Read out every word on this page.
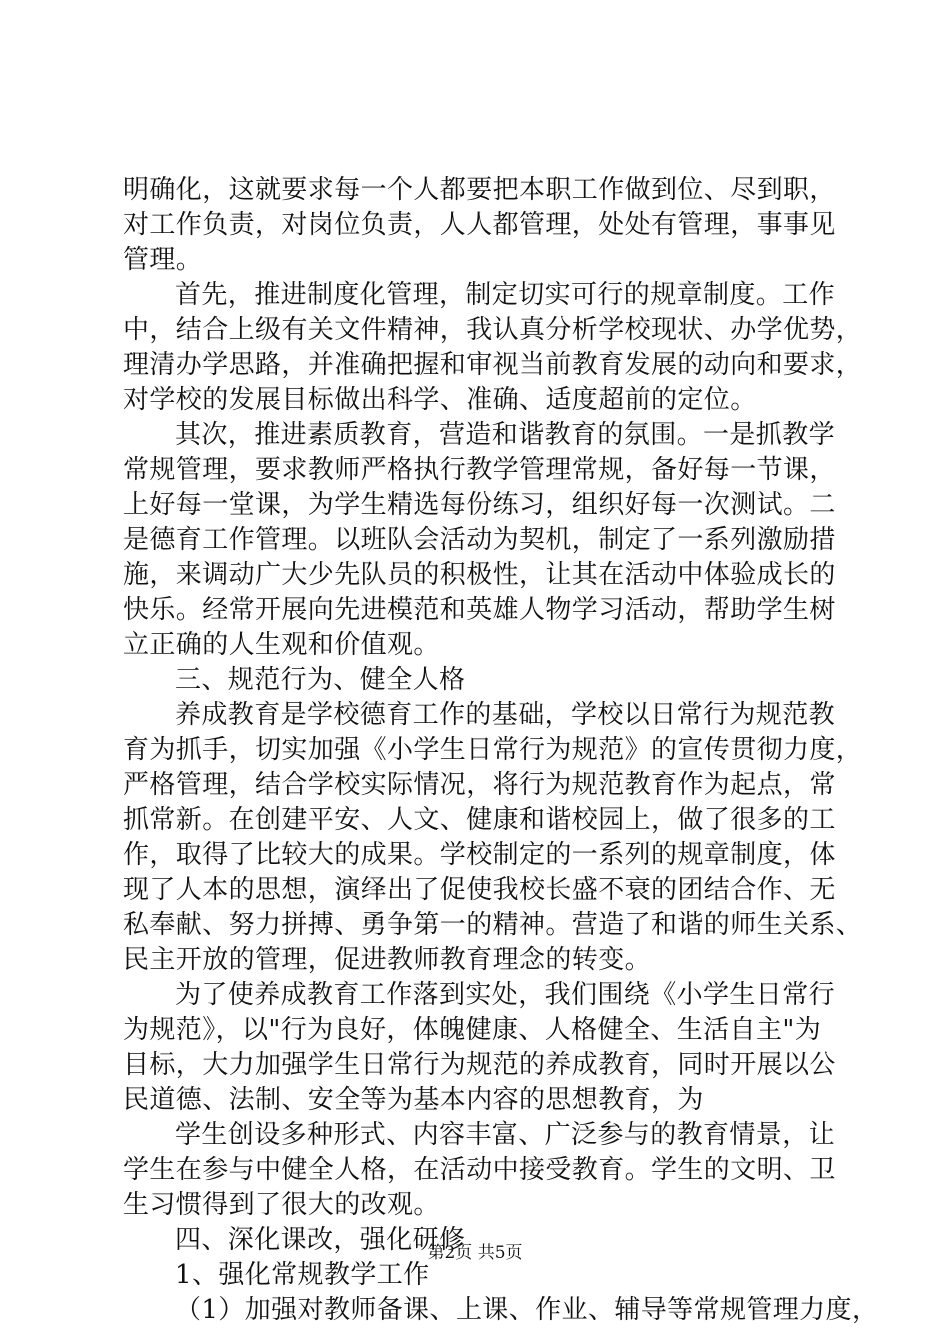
明确化，这就要求每一个人都要把本职工作做到位、尽到职，
对工作负责，对岗位负责，人人都管理，处处有管理，事事见
管理。
首先，推进制度化管理，制定切实可行的规章制度。工作
中，结合上级有关文件精神，我认真分析学校现状、办学优势，
理清办学思路，并准确把握和审视当前教育发展的动向和要求，
对学校的发展目标做出科学、准确、适度超前的定位。
其次，推进素质教育，营造和谐教育的氛围。一是抓教学
常规管理，要求教师严格执行教学管理常规，备好每一节课，
上好每一堂课，为学生精选每份练习，组织好每一次测试。二
是德育工作管理。以班队会活动为契机，制定了一系列激励措
施，来调动广大少先队员的积极性，让其在活动中体验成长的
快乐。经常开展向先进模范和英雄人物学习活动，帮助学生树
立正确的人生观和价值观。
三、规范行为、健全人格
养成教育是学校德育工作的基础，学校以日常行为规范教
育为抓手，切实加强《小学生日常行为规范》的宣传贯彻力度，
严格管理，结合学校实际情况，将行为规范教育作为起点，常
抓常新。在创建平安、人文、健康和谐校园上，做了很多的工
作，取得了比较大的成果。学校制定的一系列的规章制度，体
现了人本的思想，演绎出了促使我校长盛不衰的团结合作、无
私奉献、努力拼搏、勇争第一的精神。营造了和谐的师生关系、
民主开放的管理，促进教师教育理念的转变。
为了使养成教育工作落到实处，我们围绕《小学生日常行
为规范》，以"行为良好，体魄健康、人格健全、生活自主"为
目标，大力加强学生日常行为规范的养成教育，同时开展以公
民道德、法制、安全等为基本内容的思想教育，为
学生创设多种形式、内容丰富、广泛参与的教育情景，让
学生在参与中健全人格，在活动中接受教育。学生的文明、卫
生习惯得到了很大的改观。
四、深化课改，强化研修
1、强化常规教学工作
（1）加强对教师备课、上课、作业、辅导等常规管理力度，
第2页 共5页
